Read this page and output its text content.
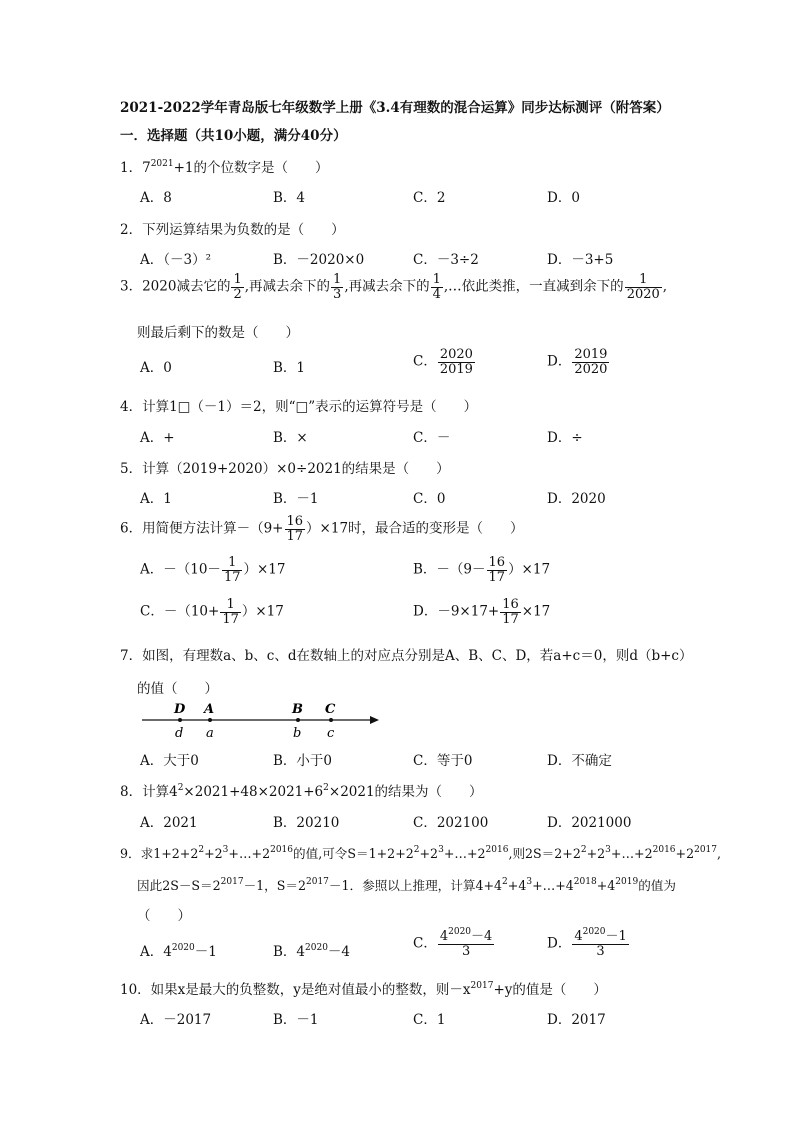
2021-2022学年青岛版七年级数学上册《3.4有理数的混合运算》同步达标测评（附答案）
一．选择题（共10小题，满分40分）
1．$7^{2021}+1$的个位数字是（　　）
A．8	B．4	C．2	D．0
2．下列运算结果为负数的是（　　）
A．（－3）²	B．－2020×0	C．－3÷2	D．－3+5
3．2020减去它的 $\frac{1}{2}$ ,再减去余下的 $\frac{1}{3}$ ,再减去余下的 $\frac{1}{4}$ ,…依此类推，一直减到余下的 $\frac{1}{2020}$ ,
则最后剩下的数是（　　）
A．0	B．1	C． $\frac{2020}{2019}$	D． $\frac{2019}{2020}$
4．计算1□（－1）＝2，则“□”表示的运算符号是（　　）
A．+	B．×	C．－	D．÷
5．计算（2019+2020）×0÷2021的结果是（　　）
A．1	B．－1	C．0	D．2020
6．用简便方法计算$-(9+ \frac{16}{17} )\times 17$时，最合适的变形是（　　）
A．$-(10- \frac{1}{17} )\times 17$	B．$-(9- \frac{16}{17} )\times 17$
C．$-(10+ \frac{1}{17} )\times 17$	D．$-9\times 17+ \frac{16}{17} \times 17$
7．如图，有理数a、b、c、d在数轴上的对应点分别是A、B、C、D，若a+c＝0，则d（b+c）
的值（　　）
D A	B C
d a	b c
A．大于0	B．小于0	C．等于0	D．不确定
8．计算$4^2\times 2021+48\times 2021+6^2\times 2021$的结果为（　　）
A．2021	B．20210	C．202100	D．2021000
9．求$1+2+2^2+2^3+\dots+2^{2016}$的值,可令$S=1+2+2^2+2^3+\dots+2^{2016}$,则$2S=2+2^2+2^3+\dots+2^{2016}+2^{2017}$,
因此$2S-S=2^{2017}-1$，$S=2^{2017}-1$．参照以上推理，计算$4+4^2+4^3+\dots+4^{2018}+4^{2019}$的值为
（　　）
A．$4^{2020}-1$	B．$4^{2020}-4$
C． $\frac{4^{2020}-4}{3}$	D． $\frac{4^{2020}-1}{3}$
10．如果x是最大的负整数，y是绝对值最小的整数，则$-x^{2017}+y$的值是（　　）
A．－2017	B．－1	C．1	D．2017
